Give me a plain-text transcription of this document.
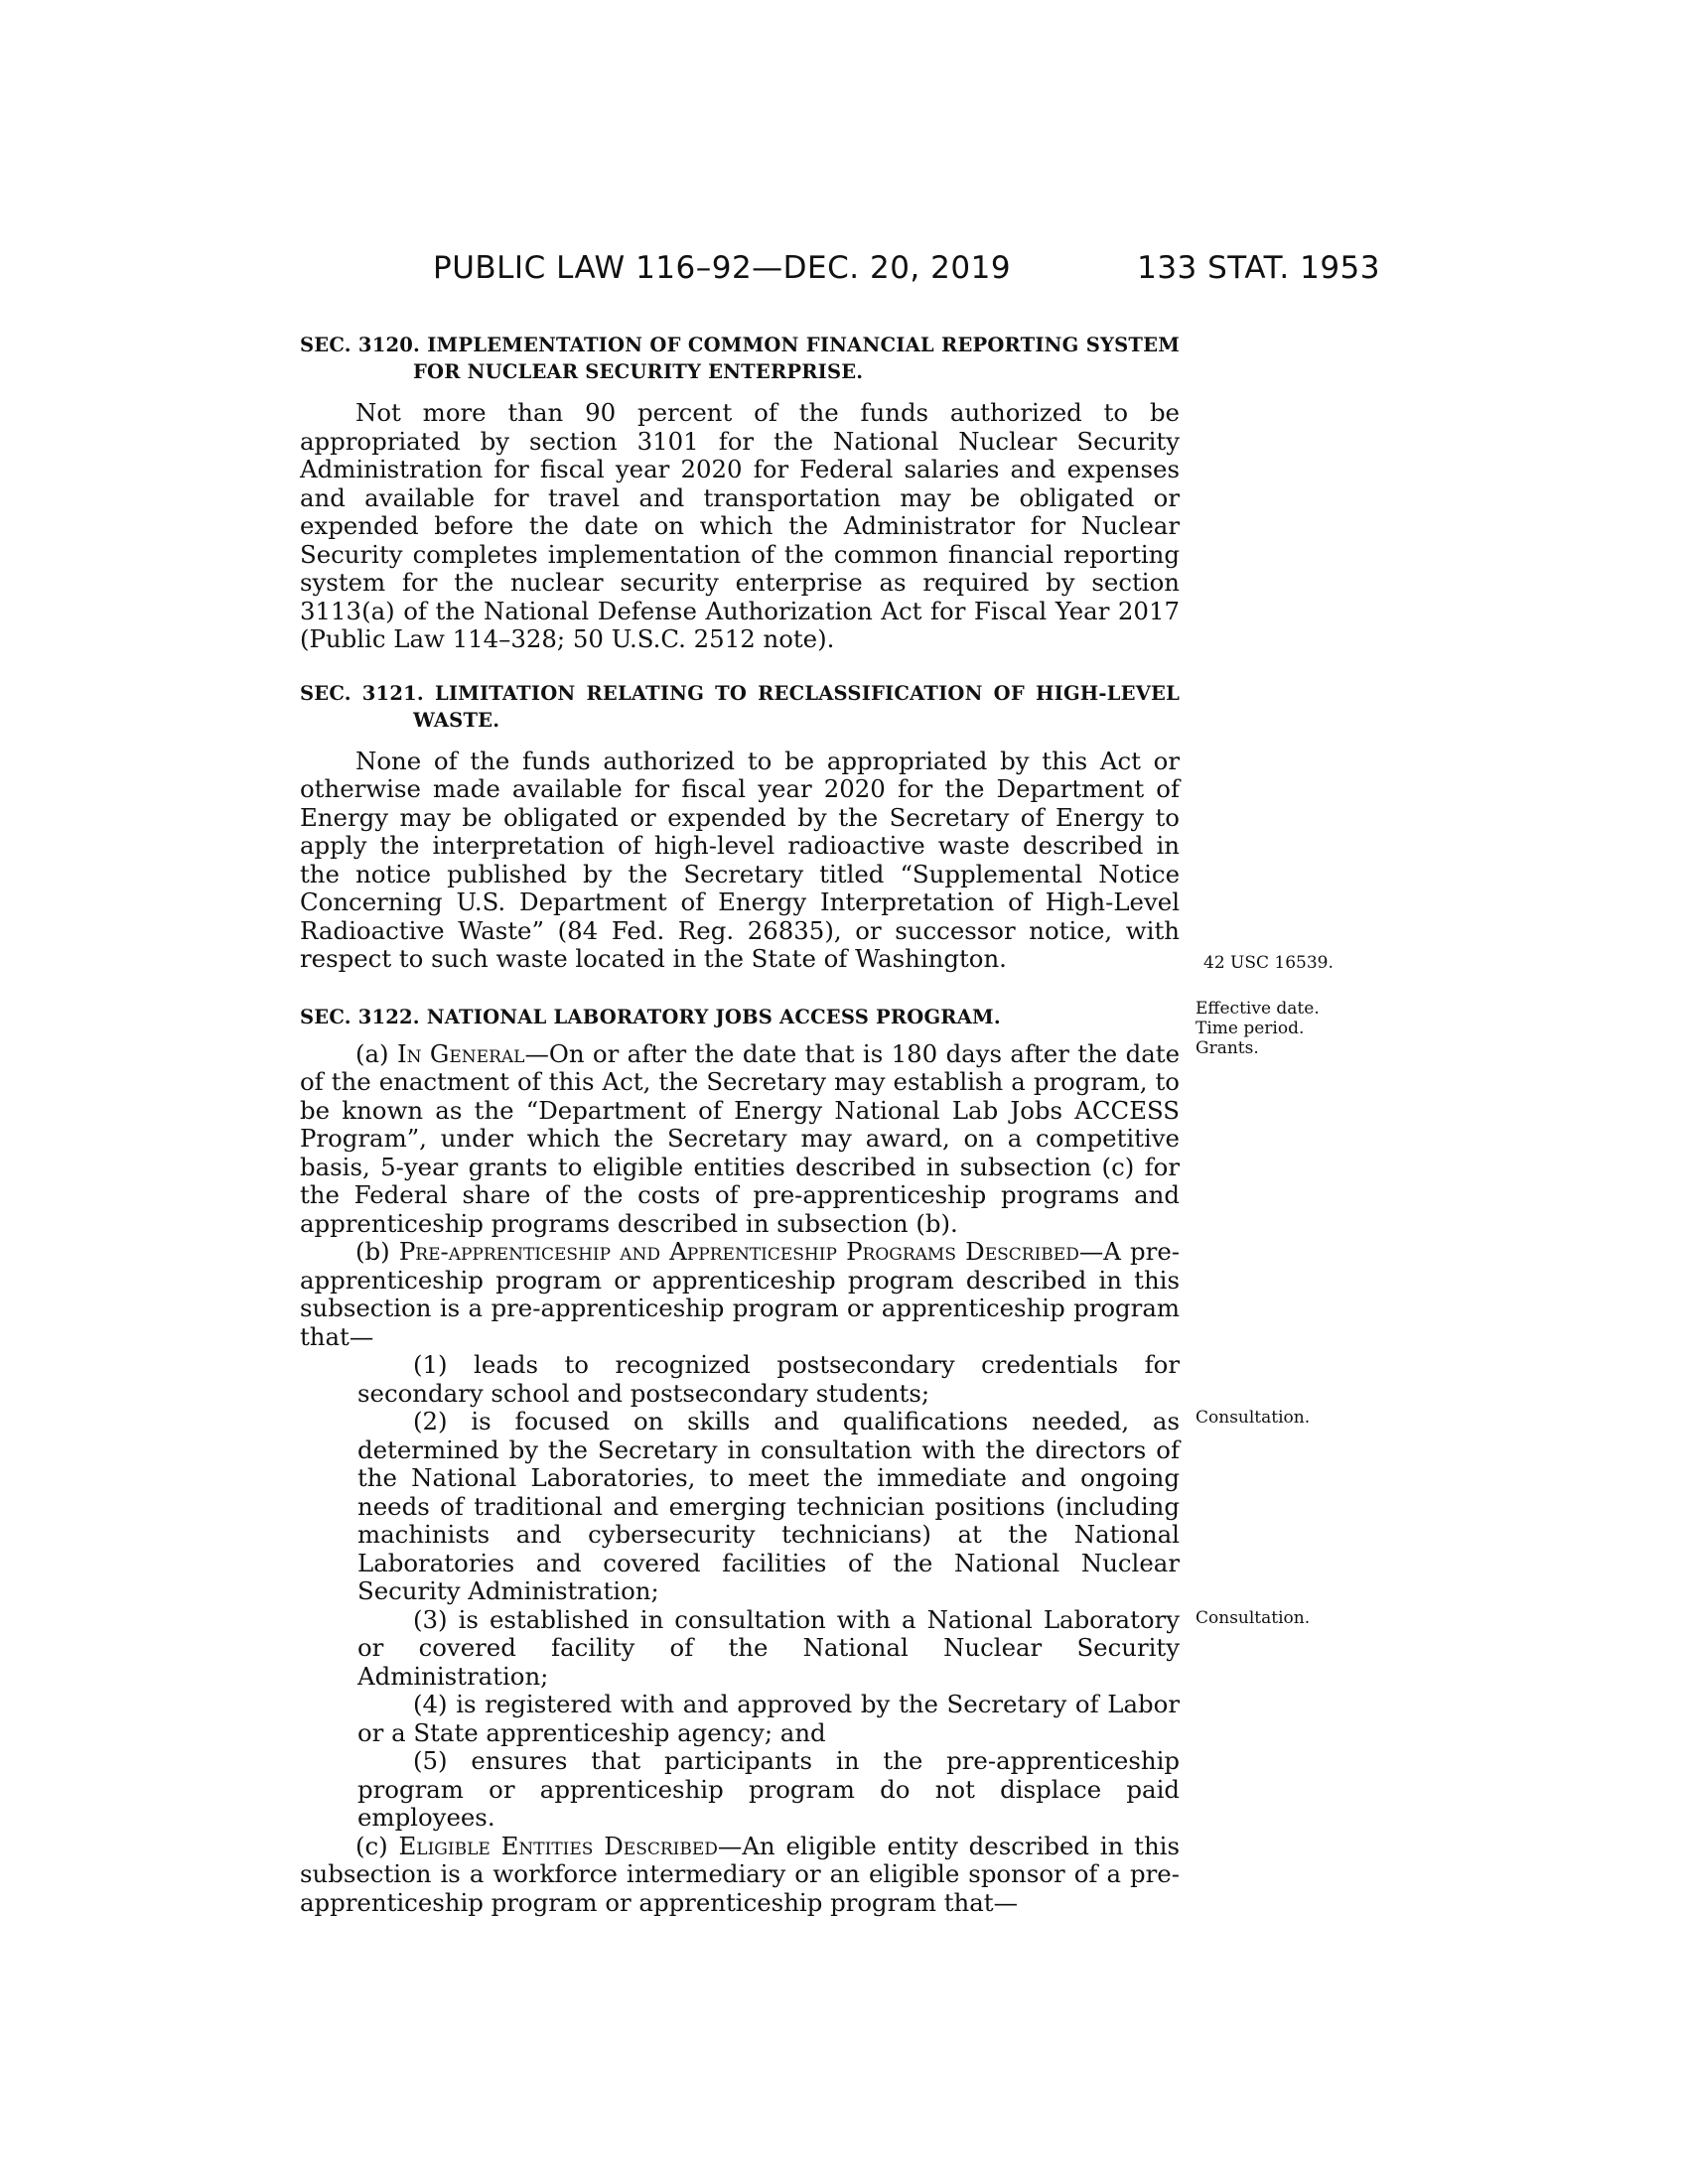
PUBLIC LAW 116–92—DEC. 20, 2019	133 STAT. 1953
SEC. 3120. IMPLEMENTATION OF COMMON FINANCIAL REPORTING SYSTEM FOR NUCLEAR SECURITY ENTERPRISE.

Not more than 90 percent of the funds authorized to be appropriated by section 3101 for the National Nuclear Security Administration for fiscal year 2020 for Federal salaries and expenses and available for travel and transportation may be obligated or expended before the date on which the Administrator for Nuclear Security completes implementation of the common financial reporting system for the nuclear security enterprise as required by section 3113(a) of the National Defense Authorization Act for Fiscal Year 2017 (Public Law 114–328; 50 U.S.C. 2512 note).

SEC. 3121. LIMITATION RELATING TO RECLASSIFICATION OF HIGH-LEVEL WASTE.

None of the funds authorized to be appropriated by this Act or otherwise made available for fiscal year 2020 for the Department of Energy may be obligated or expended by the Secretary of Energy to apply the interpretation of high-level radioactive waste described in the notice published by the Secretary titled “Supplemental Notice Concerning U.S. Department of Energy Interpretation of High-Level Radioactive Waste” (84 Fed. Reg. 26835), or successor notice, with respect to such waste located in the State of Washington.

SEC. 3122. NATIONAL LABORATORY JOBS ACCESS PROGRAM.

(a) In General—On or after the date that is 180 days after the date of the enactment of this Act, the Secretary may establish a program, to be known as the “Department of Energy National Lab Jobs ACCESS Program”, under which the Secretary may award, on a competitive basis, 5-year grants to eligible entities described in subsection (c) for the Federal share of the costs of pre-apprenticeship programs and apprenticeship programs described in subsection (b).

(b) Pre-apprenticeship and Apprenticeship Programs Described—A pre-apprenticeship program or apprenticeship program described in this subsection is a pre-apprenticeship program or apprenticeship program that—

(1) leads to recognized postsecondary credentials for secondary school and postsecondary students;

(2) is focused on skills and qualifications needed, as determined by the Secretary in consultation with the directors of the National Laboratories, to meet the immediate and ongoing needs of traditional and emerging technician positions (including machinists and cybersecurity technicians) at the National Laboratories and covered facilities of the National Nuclear Security Administration;

(3) is established in consultation with a National Laboratory or covered facility of the National Nuclear Security Administration;

(4) is registered with and approved by the Secretary of Labor or a State apprenticeship agency; and

(5) ensures that participants in the pre-apprenticeship program or apprenticeship program do not displace paid employees.

(c) Eligible Entities Described—An eligible entity described in this subsection is a workforce intermediary or an eligible sponsor of a pre-apprenticeship program or apprenticeship program that—

42 USC 16539.
Effective date.
Time period.
Grants.
Consultation.
Consultation.
